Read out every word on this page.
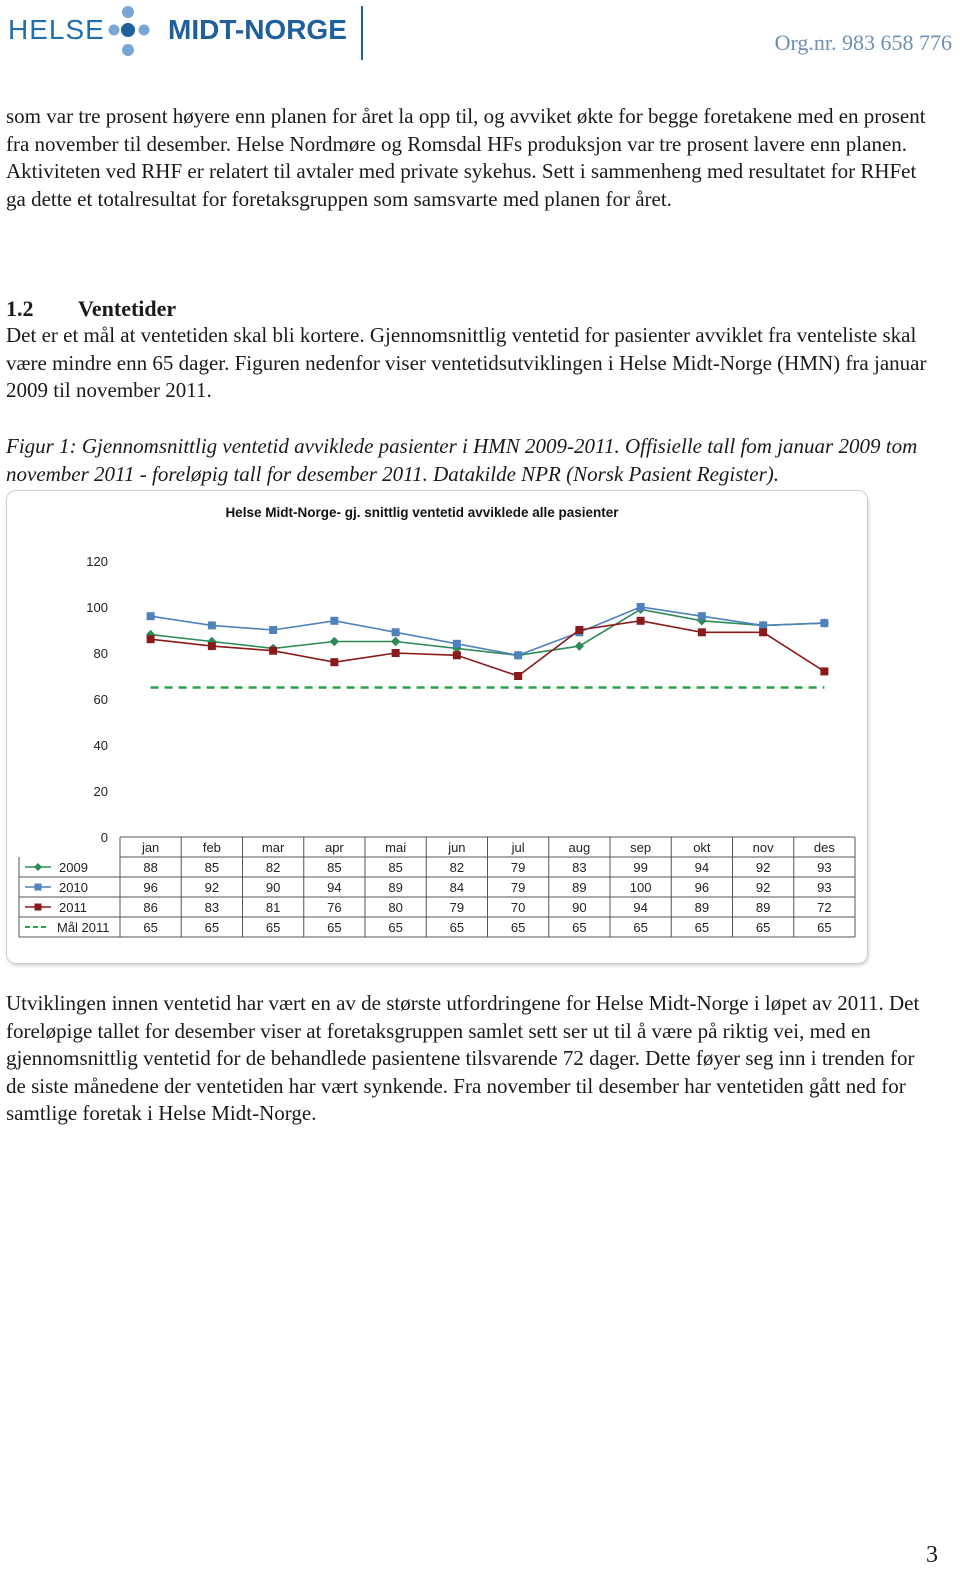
HELSE MIDT-NORGE	Org.nr. 983 658 776
som var tre prosent høyere enn planen for året la opp til, og avviket økte for begge foretakene med en prosent fra november til desember. Helse Nordmøre og Romsdal HFs produksjon var tre prosent lavere enn planen. Aktiviteten ved RHF er relatert til avtaler med private sykehus. Sett i sammenheng med resultatet for RHFet ga dette et totalresultat for foretaksgruppen som samsvarte med planen for året.
1.2 Ventetider
Det er et mål at ventetiden skal bli kortere. Gjennomsnittlig ventetid for pasienter avviklet fra venteliste skal være mindre enn 65 dager. Figuren nedenfor viser ventetidsutviklingen i Helse Midt-Norge (HMN) fra januar 2009 til november 2011.
Figur 1: Gjennomsnittlig ventetid avviklede pasienter i HMN 2009-2011. Offisielle tall fom januar 2009 tom november 2011 - foreløpig tall for desember 2011. Datakilde NPR (Norsk Pasient Register).
Helse Midt-Norge- gj. snittlig ventetid avviklede alle pasienter
0
20
40
60
80
100
120
jan	feb	mar	apr	mai	jun	jul	aug	sep	okt	nov	des
2009	88	85	82	85	85	82	79	83	99	94	92	93
2010	96	92	90	94	89	84	79	89	100	96	92	93
2011	86	83	81	76	80	79	70	90	94	89	89	72
Mål 2011	65	65	65	65	65	65	65	65	65	65	65	65
Utviklingen innen ventetid har vært en av de største utfordringene for Helse Midt-Norge i løpet av 2011. Det foreløpige tallet for desember viser at foretaksgruppen samlet sett ser ut til å være på riktig vei, med en gjennomsnittlig ventetid for de behandlede pasientene tilsvarende 72 dager. Dette føyer seg inn i trenden for de siste månedene der ventetiden har vært synkende. Fra november til desember har ventetiden gått ned for samtlige foretak i Helse Midt-Norge.
3
